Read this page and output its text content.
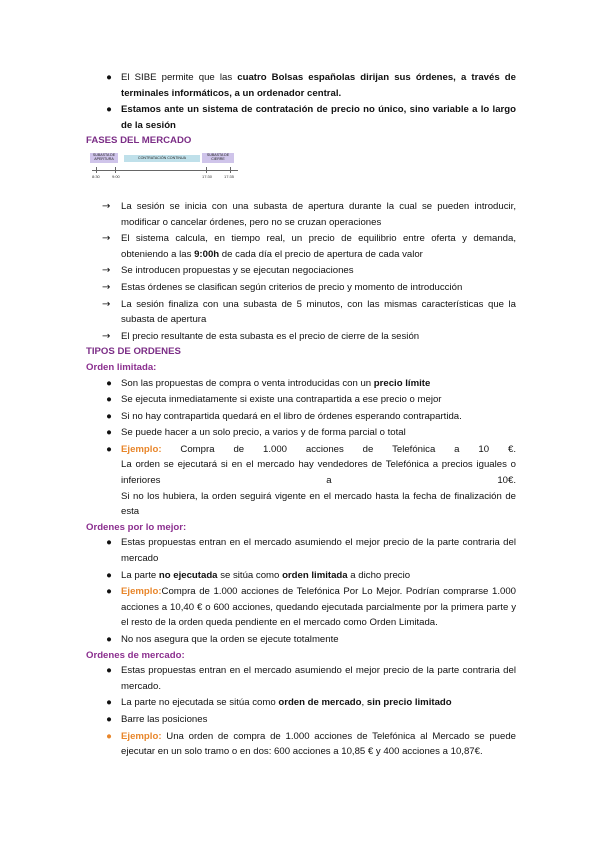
● El SIBE permite que las cuatro Bolsas españolas dirijan sus órdenes, a través de terminales informáticos, a un ordenador central.
● Estamos ante un sistema de contratación de precio no único, sino variable a lo largo de la sesión
FASES DEL MERCADO
SUBASTA DE APERTURA	CONTRATACIÓN CONTINUA
SUBASTA DE CIERRE
8:30	9:00	17:30	17:35
→ La sesión se inicia con una subasta de apertura durante la cual se pueden introducir, modificar o cancelar órdenes, pero no se cruzan operaciones
→ El sistema calcula, en tiempo real, un precio de equilibrio entre oferta y demanda, obteniendo a las 9:00h de cada día el precio de apertura de cada valor
→ Se introducen propuestas y se ejecutan negociaciones
→ Estas órdenes se clasifican según criterios de precio y momento de introducción
→ La sesión finaliza con una subasta de 5 minutos, con las mismas características que la subasta de apertura
→ El precio resultante de esta subasta es el precio de cierre de la sesión
TIPOS DE ORDENES
Orden limitada:
● Son las propuestas de compra o venta introducidas con un precio límite
● Se ejecuta inmediatamente si existe una contrapartida a ese precio o mejor
● Si no hay contrapartida quedará en el libro de órdenes esperando contrapartida.
● Se puede hacer a un solo precio, a varios y de forma parcial o total
● Ejemplo: Compra de 1.000 acciones de Telefónica a 10 €.
La orden se ejecutará si en el mercado hay vendedores de Telefónica a precios iguales o inferiores a 10€.
Si no los hubiera, la orden seguirá vigente en el mercado hasta la fecha de finalización de esta
Ordenes por lo mejor:
● Estas propuestas entran en el mercado asumiendo el mejor precio de la parte contraria del mercado
● La parte no ejecutada se sitúa como orden limitada a dicho precio
● Ejemplo:Compra de 1.000 acciones de Telefónica Por Lo Mejor. Podrían comprarse 1.000 acciones a 10,40 € o 600 acciones, quedando ejecutada parcialmente por la primera parte y el resto de la orden queda pendiente en el mercado como Orden Limitada.
● No nos asegura que la orden se ejecute totalmente
Ordenes de mercado:
● Estas propuestas entran en el mercado asumiendo el mejor precio de la parte contraria del mercado.
● La parte no ejecutada se sitúa como orden de mercado, sin precio limitado
● Barre las posiciones
● Ejemplo: Una orden de compra de 1.000 acciones de Telefónica al Mercado se puede ejecutar en un solo tramo o en dos: 600 acciones a 10,85 € y 400 acciones a 10,87€.
